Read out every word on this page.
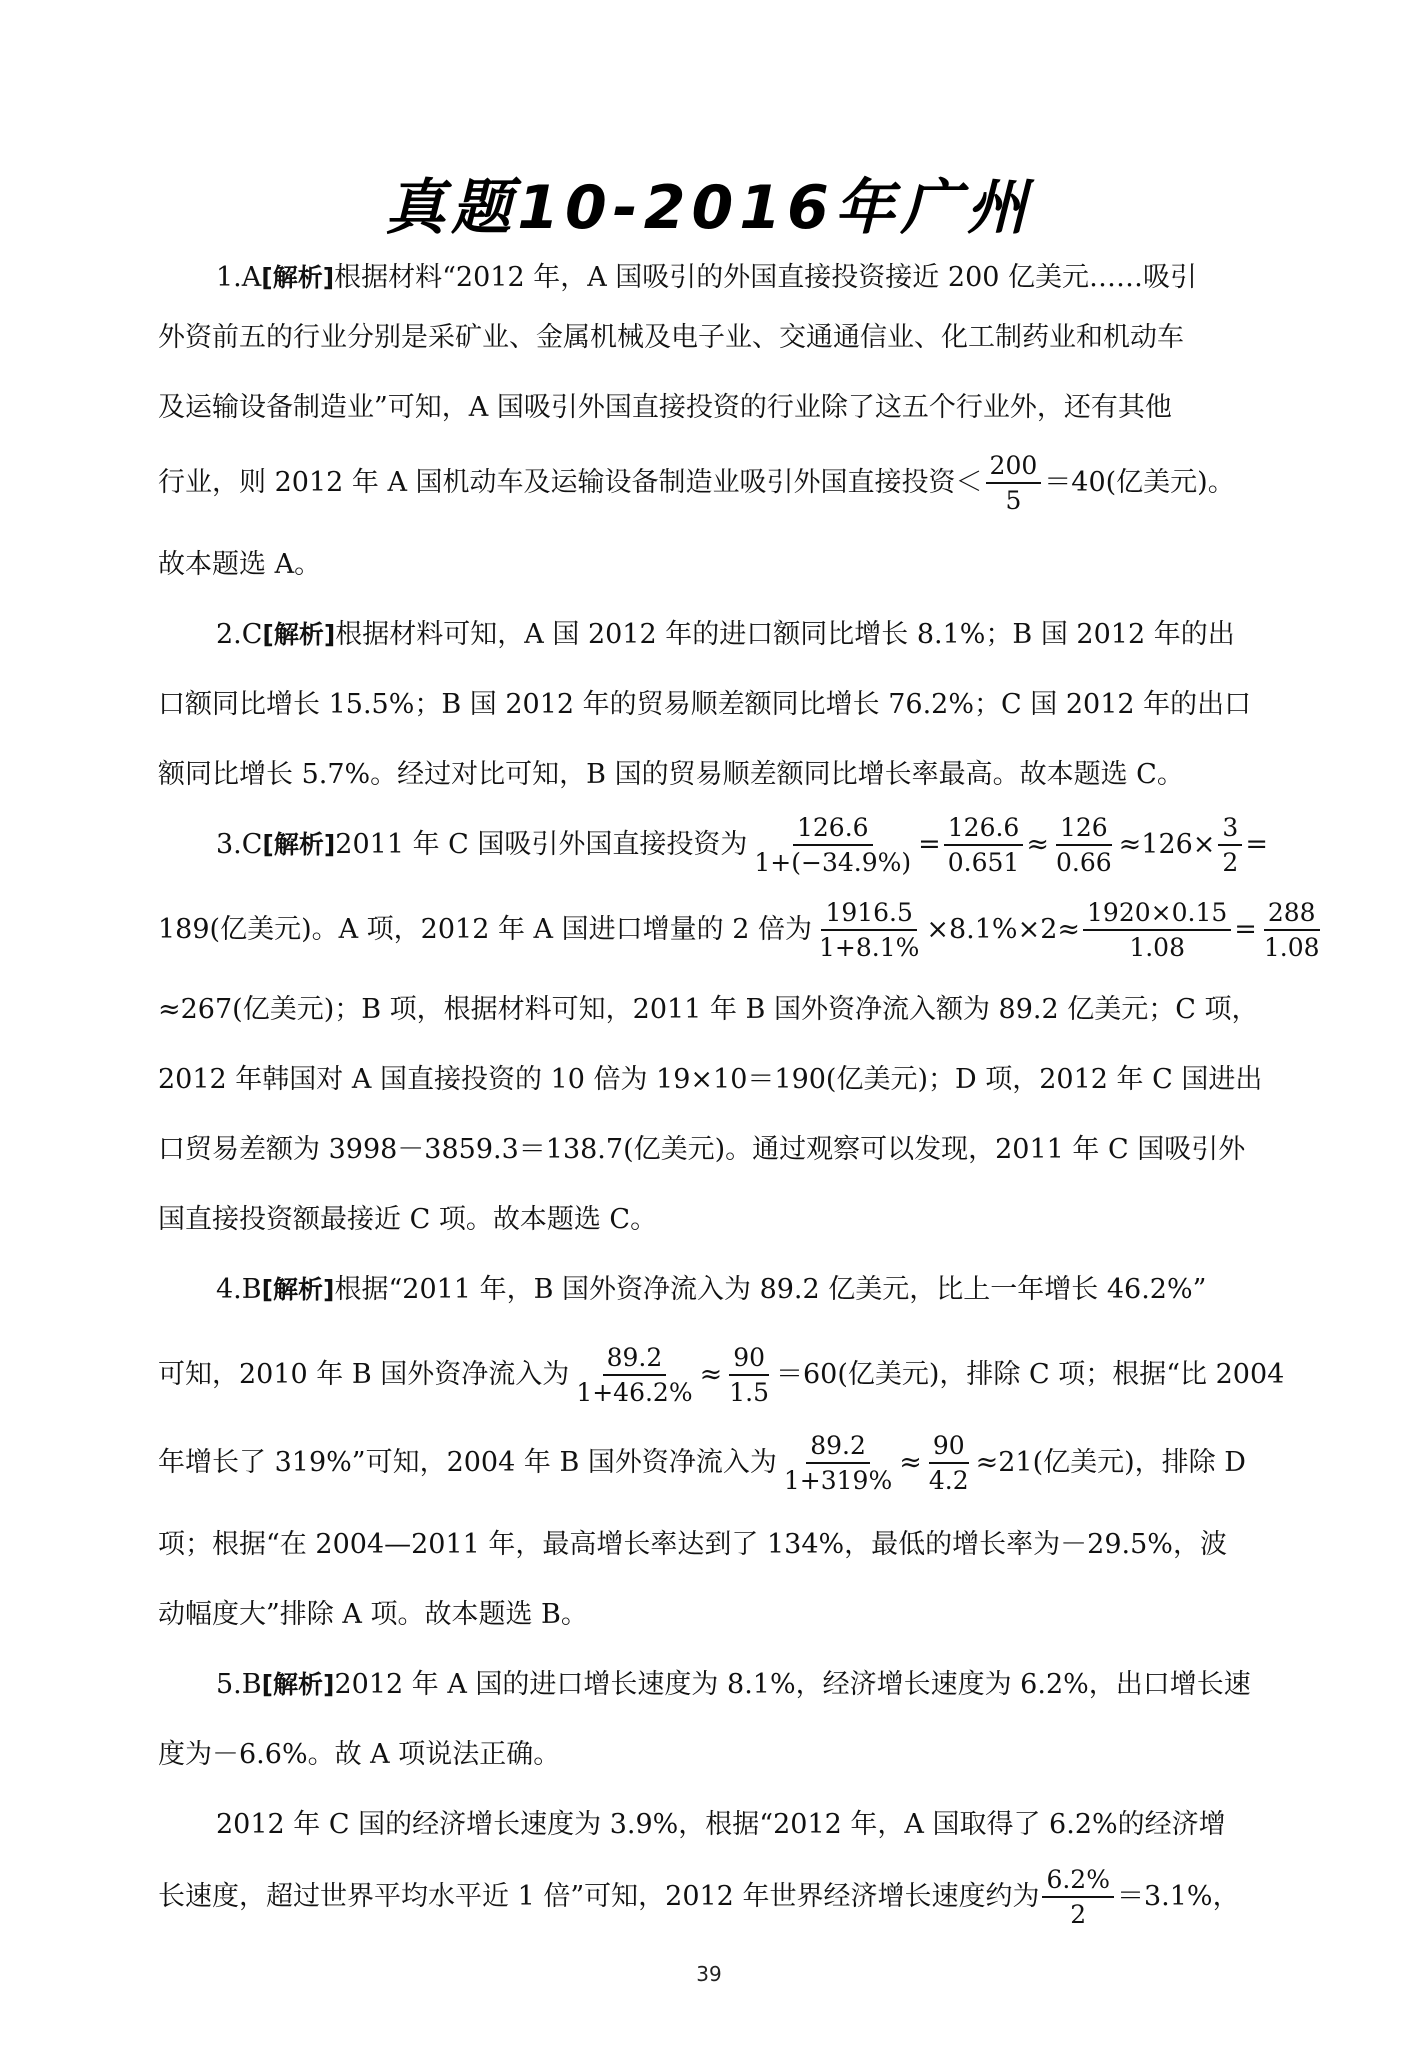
真题10-2016年广州
1.A[解析]根据材料“2012 年，A 国吸引的外国直接投资接近 200 亿美元……吸引
外资前五的行业分别是采矿业、金属机械及电子业、交通通信业、化工制药业和机动车
及运输设备制造业”可知，A 国吸引外国直接投资的行业除了这五个行业外，还有其他
行业，则 2012 年 A 国机动车及运输设备制造业吸引外国直接投资＜ $\frac{200}{5} =40$(亿美元)。
故本题选 A。
2.C [解析] 根据材料可知，A 国 2012 年的进口额同比增长 8.1%；B 国 2012 年的出
口额同比增长 15.5%；B 国 2012 年的贸易顺差额同比增长 76.2%；C 国 2012 年的出口
额同比增长 5.7%。经过对比可知，B 国的贸易顺差额同比增长率最高。故本题选 C。
3.C [解析] 2011 年 C 国吸引外国直接投资为 $\frac{126.6}{1+(-34.9\%)} = \frac{126.6}{0.651} \approx \frac{126}{0.66} \approx 126\times \frac{3}{2}$ =
189(亿美元)。A 项，2012 年 A 国进口增量的 2 倍为 $\frac{1916.5}{1+8.1\%} \times 8.1\%\times 2\approx \frac{1920\times 0.15}{1.08} = \frac{288}{1.08}$
≈267(亿美元)；B 项，根据材料可知，2011 年 B 国外资净流入额为 89.2 亿美元；C 项，
2012 年韩国对 A 国直接投资的 10 倍为 19×10＝190(亿美元)；D 项，2012 年 C 国进出
口贸易差额为 3998－3859.3＝138.7(亿美元)。通过观察可以发现，2011 年 C 国吸引外
国直接投资额最接近 C 项。故本题选 C。
4.B [解析] 根据“2011 年，B 国外资净流入为 89.2 亿美元，比上一年增长 46.2%”
可知，2010 年 B 国外资净流入为 $\frac{89.2}{1+46.2\%} \approx \frac{90}{1.5} =60$(亿美元)，排除 C 项；根据“比 2004
年增长了 319%”可知，2004 年 B 国外资净流入为 $\frac{89.2}{1+319\%} \approx \frac{90}{4.2} \approx 21$(亿美元)，排除 D
项；根据“在 2004—2011 年，最高增长率达到了 134%，最低的增长率为－29.5%，波
动幅度大”排除 A 项。故本题选 B。
5.B [解析] 2012 年 A 国的进口增长速度为 8.1%，经济增长速度为 6.2%，出口增长速
度为－6.6%。故 A 项说法正确。
2012 年 C 国的经济增长速度为 3.9%，根据“2012 年，A 国取得了 6.2%的经济增
长速度，超过世界平均水平近 1 倍”可知，2012 年世界经济增长速度约为 $\frac{6.2\%}{2} =3.1\%$，
39
